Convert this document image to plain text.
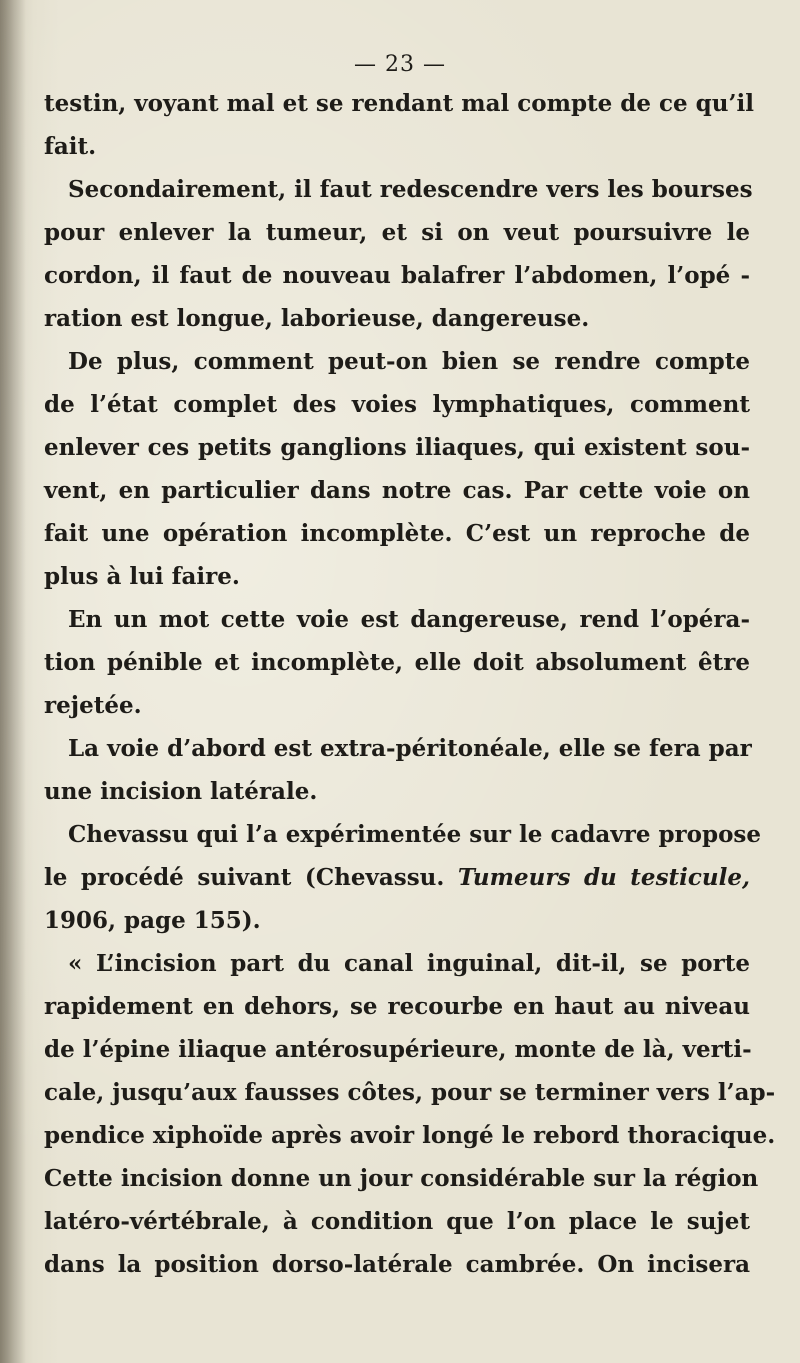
— 23 —
testin, voyant mal et se rendant mal compte de ce qu’il
fait.
Secondairement, il faut redescendre vers les bourses
pour enlever la tumeur, et si on veut poursuivre le
cordon, il faut de nouveau balafrer l’abdomen, l’opé -
ration est longue, laborieuse, dangereuse.
De plus, comment peut-on bien se rendre compte
de l’état complet des voies lymphatiques, comment
enlever ces petits ganglions iliaques, qui existent sou-
vent, en particulier dans notre cas. Par cette voie on
fait une opération incomplète. C’est un reproche de
plus à lui faire.
En un mot cette voie est dangereuse, rend l’opéra-
tion pénible et incomplète, elle doit absolument être
rejetée.
La voie d’abord est extra-péritonéale, elle se fera par
une incision latérale.
Chevassu qui l’a expérimentée sur le cadavre propose
le procédé suivant (Chevassu. Tumeurs du testicule,
1906, page 155).
« L’incision part du canal inguinal, dit-il, se porte
rapidement en dehors, se recourbe en haut au niveau
de l’épine iliaque antérosupérieure, monte de là, verti-
cale, jusqu’aux fausses côtes, pour se terminer vers l’ap-
pendice xiphoïde après avoir longé le rebord thoracique.
Cette incision donne un jour considérable sur la région
latéro-vértébrale, à condition que l’on place le sujet
dans la position dorso-latérale cambrée. On incisera
